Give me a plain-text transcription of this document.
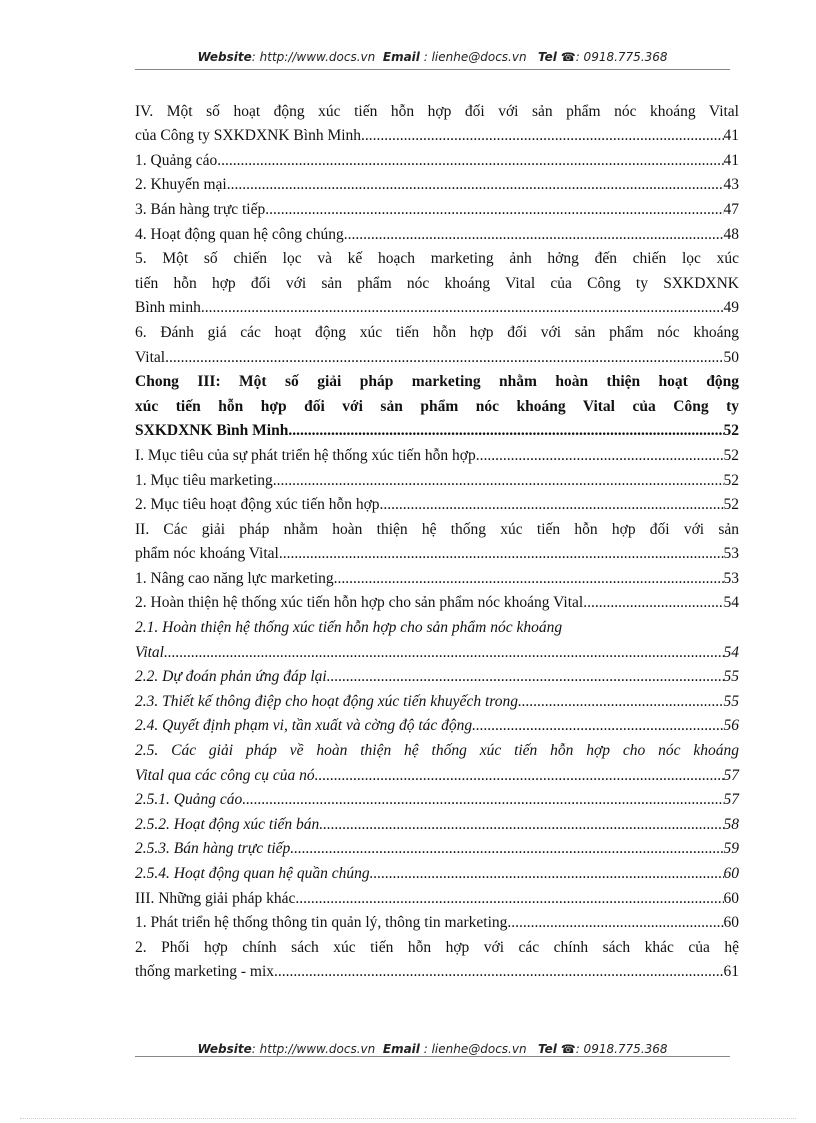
Website: http://www.docs.vn Email : lienhe@docs.vn Tel ☎: 0918.775.368
IV. Một số hoạt động xúc tiến hỗn hợp đối với sản phẩm nóc khoáng Vital
của Công ty SXKDXNK Bình Minh .....	41
1. Quảng cáo .....	41
2. Khuyến mại .....	43
3. Bán hàng trực tiếp .....	47
4. Hoạt động quan hệ công chúng .....	48
5. Một số chiến lọc và kế hoạch marketing ảnh hởng đến chiến lọc xúc
tiến hỗn hợp đối với sản phẩm nóc khoáng Vital của Công ty SXKDXNK
Bình minh. .....	49
6. Đánh giá các hoạt động xúc tiến hỗn hợp đối với sản phẩm nóc khoáng
Vital .....	50
Chong III: Một số giải pháp marketing nhằm hoàn thiện hoạt động
xúc tiến hỗn hợp đối với sản phẩm nóc khoáng Vital của Công ty
SXKDXNK Bình Minh .....	52
I. Mục tiêu của sự phát triển hệ thống xúc tiến hỗn hợp .....	52
1. Mục tiêu marketing .....	52
2. Mục tiêu hoạt động xúc tiến hỗn hợp .....	52
II. Các giải pháp nhằm hoàn thiện hệ thống xúc tiến hỗn hợp đối với sản
phẩm nóc khoáng Vital .....	53
1. Nâng cao năng lực marketing .....	53
2. Hoàn thiện hệ thống xúc tiến hỗn hợp cho sản phẩm nóc khoáng Vital .....	54
2.1. Hoàn thiện hệ thống xúc tiến hỗn hợp cho sản phẩm nóc khoáng
Vital .....	54
2.2. Dự đoán phản ứng đáp lại .....	55
2.3. Thiết kế thông điệp cho hoạt động xúc tiến khuyếch trong .....	55
2.4. Quyết định phạm vi, tần xuất và cờng độ tác động .....	56
2.5. Các giải pháp về hoàn thiện hệ thống xúc tiến hỗn hợp cho nóc khoáng
Vital qua các công cụ của nó .....	57
2.5.1. Quảng cáo .....	57
2.5.2. Hoạt động xúc tiến bán .....	58
2.5.3. Bán hàng trực tiếp .....	59
2.5.4. Hoạt động quan hệ quần chúng .....	60
III. Những giải pháp khác. .....	60
1. Phát triển hệ thống thông tin quản lý, thông tin marketing .....	60
2. Phối hợp chính sách xúc tiến hỗn hợp với các chính sách khác của hệ
thống marketing - mix .....	61
Website: http://www.docs.vn Email : lienhe@docs.vn Tel ☎: 0918.775.368
